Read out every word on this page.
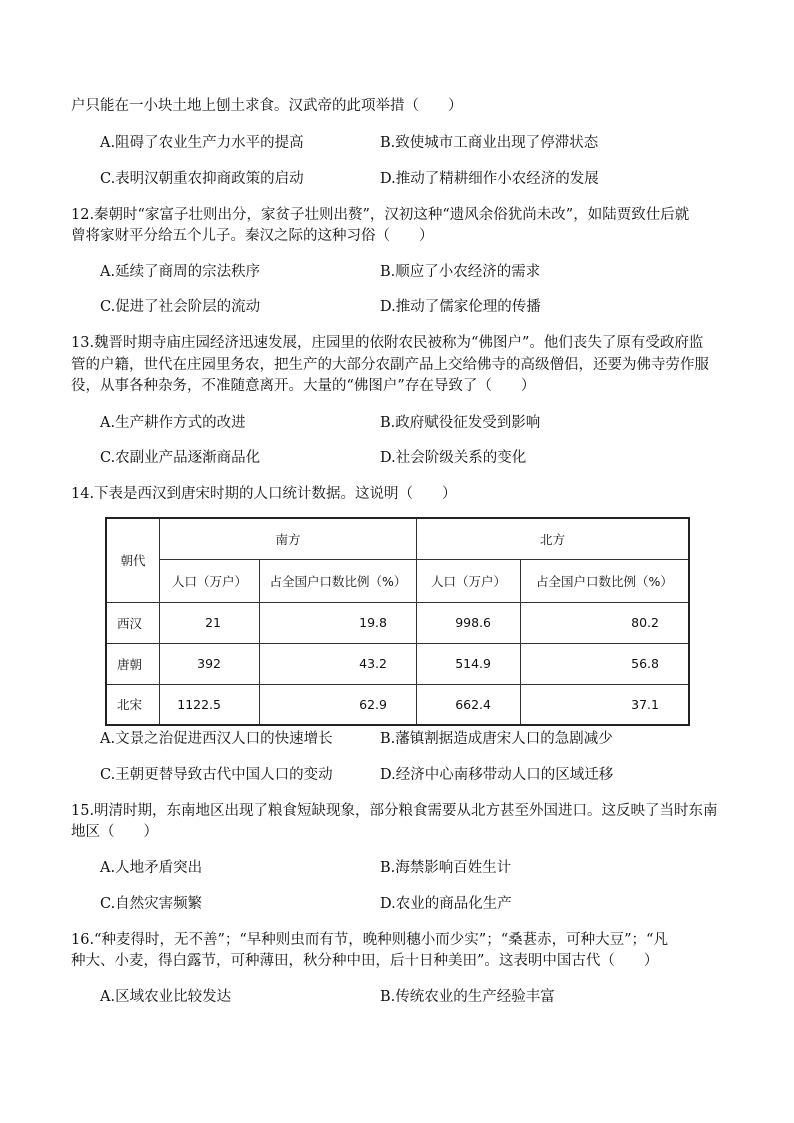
户只能在一小块土地上刨土求食。汉武帝的此项举措（　　）
A.阻碍了农业生产力水平的提高	B.致使城市工商业出现了停滞状态
C.表明汉朝重农抑商政策的启动	D.推动了精耕细作小农经济的发展
12.秦朝时“家富子壮则出分，家贫子壮则出赘”，汉初这种“遗风余俗犹尚未改”，如陆贾致仕后就
曾将家财平分给五个儿子。秦汉之际的这种习俗（　　）
A.延续了商周的宗法秩序	B.顺应了小农经济的需求
C.促进了社会阶层的流动	D.推动了儒家伦理的传播
13.魏晋时期寺庙庄园经济迅速发展，庄园里的依附农民被称为“佛图户”。他们丧失了原有受政府监
管的户籍，世代在庄园里务农，把生产的大部分农副产品上交给佛寺的高级僧侣，还要为佛寺劳作服
役，从事各种杂务，不准随意离开。大量的“佛图户”存在导致了（　　）
A.生产耕作方式的改进	B.政府赋役征发受到影响
C.农副业产品逐渐商品化	D.社会阶级关系的变化
14.下表是西汉到唐宋时期的人口统计数据。这说明（　　）
朝代	南方		北方	
	人口（万户）	占全国户口数比例（%）	人口（万户）	占全国户口数比例（%）
西汉	21	19.8	998.6	80.2
唐朝	392	43.2	514.9	56.8
北宋	1122.5	62.9	662.4	37.1
A.文景之治促进西汉人口的快速增长	B.藩镇割据造成唐宋人口的急剧减少
C.王朝更替导致古代中国人口的变动	D.经济中心南移带动人口的区域迁移
15.明清时期，东南地区出现了粮食短缺现象，部分粮食需要从北方甚至外国进口。这反映了当时东南
地区（　　）
A.人地矛盾突出	B.海禁影响百姓生计
C.自然灾害频繁	D.农业的商品化生产
16.“种麦得时，无不善”；“早种则虫而有节，晚种则穗小而少实”；“桑葚赤，可种大豆”；“凡
种大、小麦，得白露节，可种薄田，秋分种中田，后十日种美田”。这表明中国古代（　　）
A.区域农业比较发达	B.传统农业的生产经验丰富
